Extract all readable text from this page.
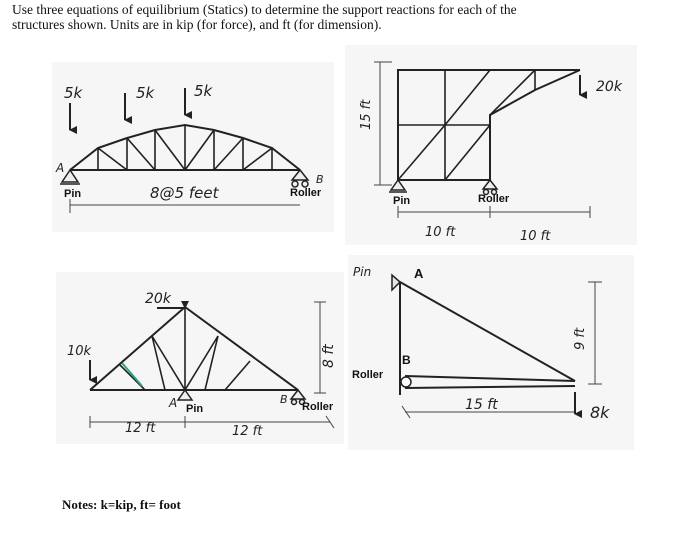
Use three equations of equilibrium (Statics) to determine the support reactions for each of the
structures shown. Units are in kip (for force), and ft (for dimension).
5k	5k	5k
A
B
Pin	Roller
8@5 feet
15 ft
20k
Pin	Roller
10 ft	10 ft
20k
10k
A	B
Pin	Roller
12 ft	12 ft
8 ft
Pin	A
B
Roller
9 ft
15 ft	8k
Notes: k=kip, ft= foot
